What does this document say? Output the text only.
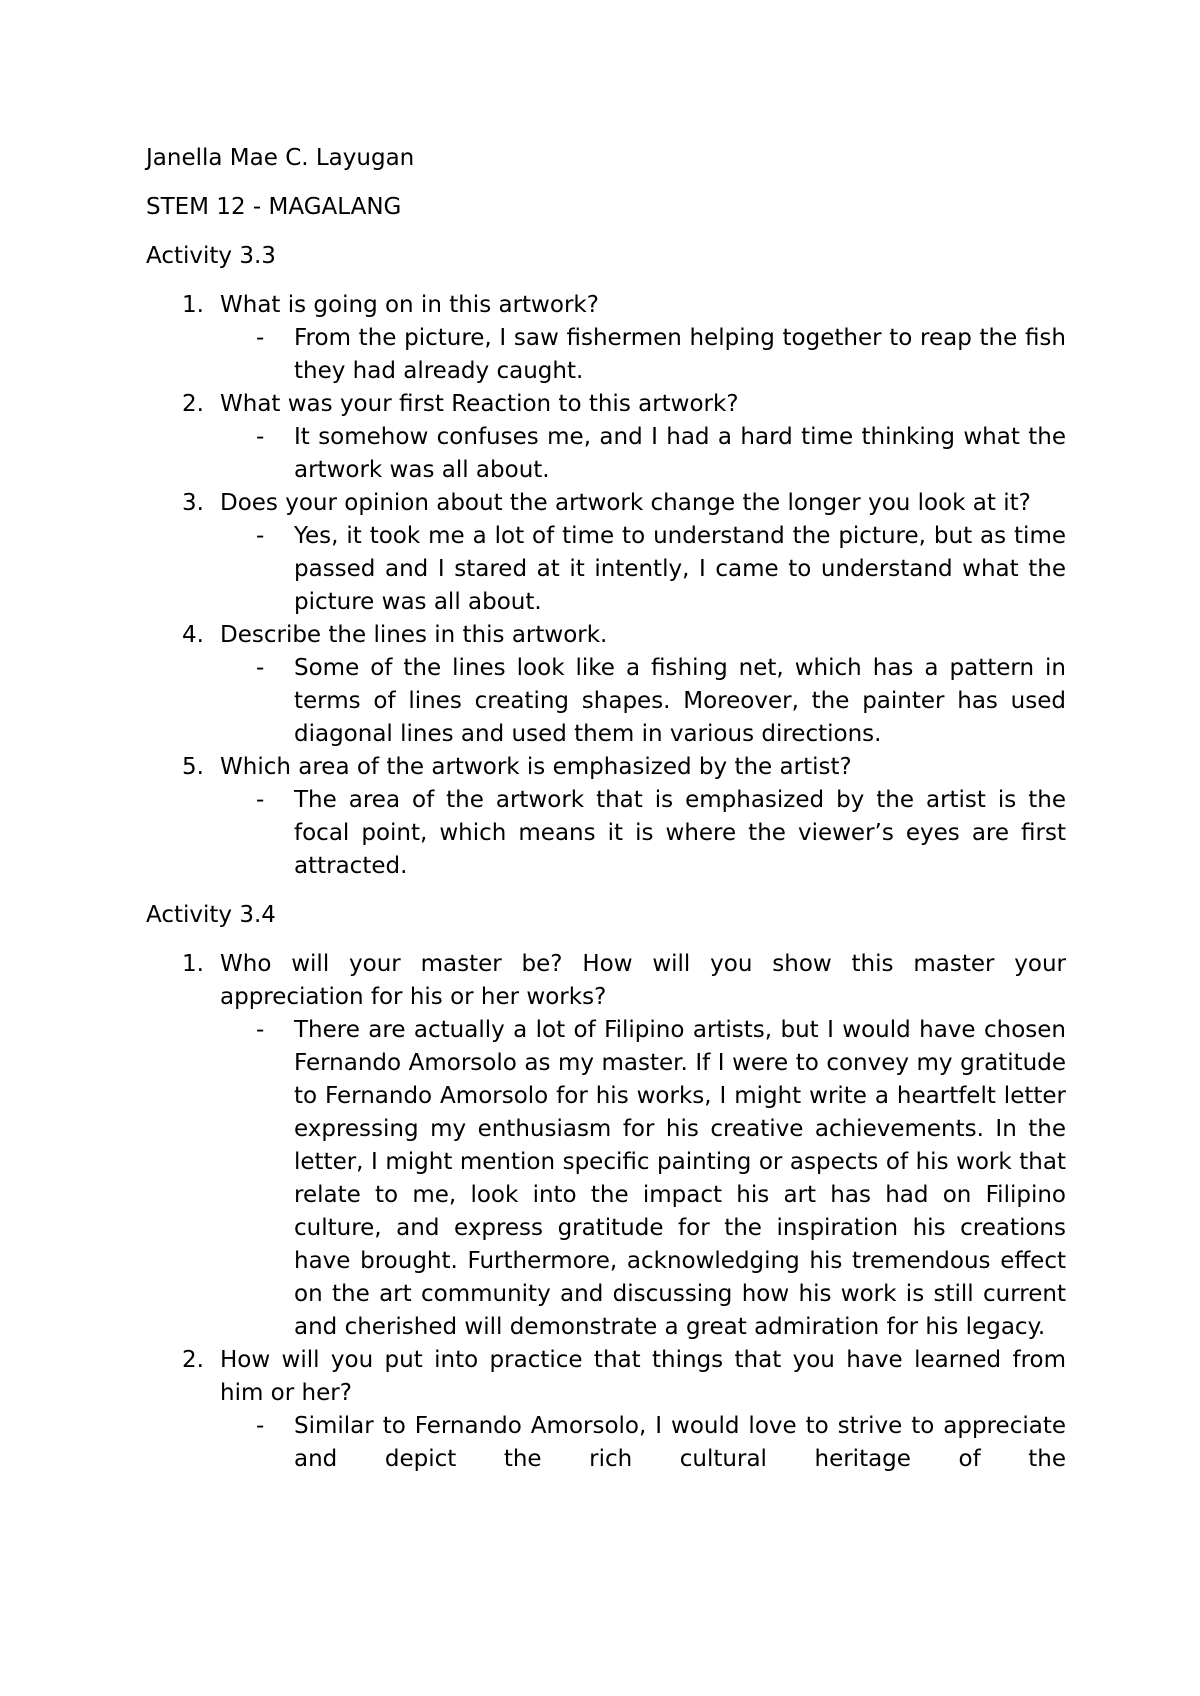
Janella Mae C. Layugan

STEM 12 - MAGALANG

Activity 3.3

1. What is going on in this artwork?
- From the picture, I saw fishermen helping together to reap the fish they had already caught.
2. What was your first Reaction to this artwork?
- It somehow confuses me, and I had a hard time thinking what the artwork was all about.
3. Does your opinion about the artwork change the longer you look at it?
- Yes, it took me a lot of time to understand the picture, but as time passed and I stared at it intently, I came to understand what the picture was all about.
4. Describe the lines in this artwork.
- Some of the lines look like a fishing net, which has a pattern in terms of lines creating shapes. Moreover, the painter has used diagonal lines and used them in various directions.
5. Which area of the artwork is emphasized by the artist?
- The area of the artwork that is emphasized by the artist is the focal point, which means it is where the viewer’s eyes are first attracted.

Activity 3.4

1. Who will your master be? How will you show this master your appreciation for his or her works?
- There are actually a lot of Filipino artists, but I would have chosen Fernando Amorsolo as my master. If I were to convey my gratitude to Fernando Amorsolo for his works, I might write a heartfelt letter expressing my enthusiasm for his creative achievements. In the letter, I might mention specific painting or aspects of his work that relate to me, look into the impact his art has had on Filipino culture, and express gratitude for the inspiration his creations have brought. Furthermore, acknowledging his tremendous effect on the art community and discussing how his work is still current and cherished will demonstrate a great admiration for his legacy.
2. How will you put into practice that things that you have learned from him or her?
- Similar to Fernando Amorsolo, I would love to strive to appreciate and depict the rich cultural heritage of the
